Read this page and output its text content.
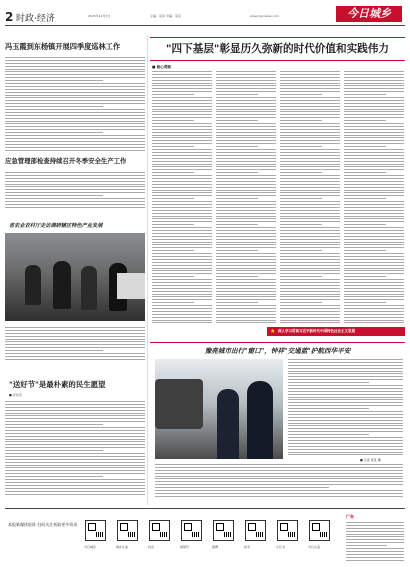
2 时政·经济	2025年12月5日	主编：某某 责编：某某	www.jrgcnews.com	今日城乡
冯玉霞到东杨镇开展四季度巡林工作
应急管理部检查持续召开冬季安全生产工作
省农业农村厅走访调研辖区特色产业发展
"送好节"是最朴素的民生愿望
■ 评论员
"四下基层"彰显历久弥新的时代价值和实践伟力
■ 核心观察
★ 深入学习贯彻习近平新时代中国特色社会主义思想
豫亮城市出行"窗口"，钟祥"交通蓝"护航西华平安
■ 记者 某某 摄
本报新媒体矩阵 扫码关注获取更多资讯
广告
今日城乡	城乡头条	抖音	视频号	微博	快手	小红书	今日头条
